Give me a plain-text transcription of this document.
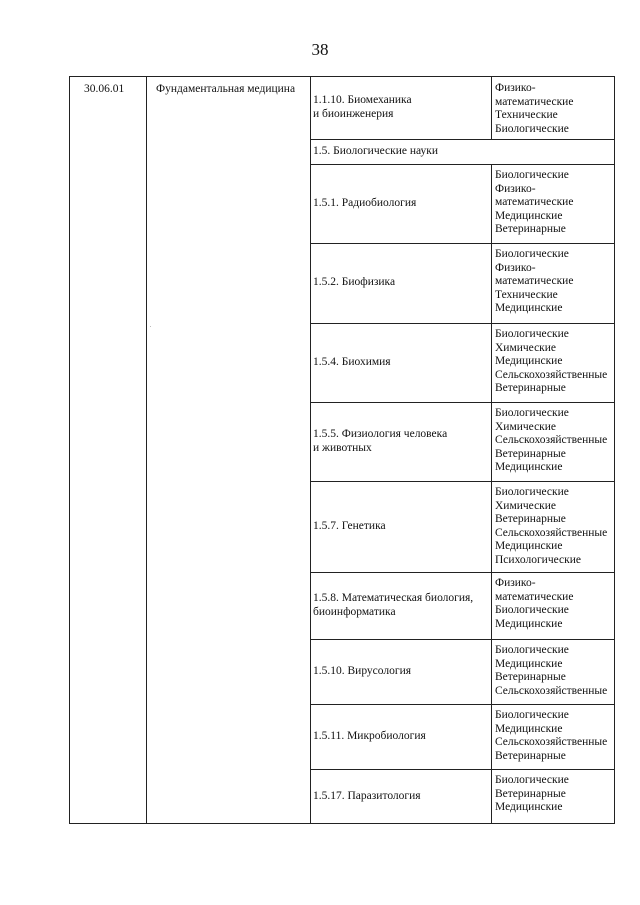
38
30.06.01	Фундаментальная медицина
1.1.10. Биомеханика
и биоинженерия
Физико-
математические
Технические
Биологические
1.5. Биологические науки
1.5.1. Радиобиология
Биологические
Физико-
математические
Медицинские
Ветеринарные
1.5.2. Биофизика
Биологические
Физико-
математические
Технические
Медицинские
1.5.4. Биохимия
Биологические
Химические
Медицинские
Сельскохозяйственные
Ветеринарные
1.5.5. Физиология человека
и животных
Биологические
Химические
Сельскохозяйственные
Ветеринарные
Медицинские
1.5.7. Генетика
Биологические
Химические
Ветеринарные
Сельскохозяйственные
Медицинские
Психологические
1.5.8. Математическая биология,
биоинформатика
Физико-
математические
Биологические
Медицинские
1.5.10. Вирусология
Биологические
Медицинские
Ветеринарные
Сельскохозяйственные
1.5.11. Микробиология
Биологические
Медицинские
Сельскохозяйственные
Ветеринарные
1.5.17. Паразитология
Биологические
Ветеринарные
Медицинские
